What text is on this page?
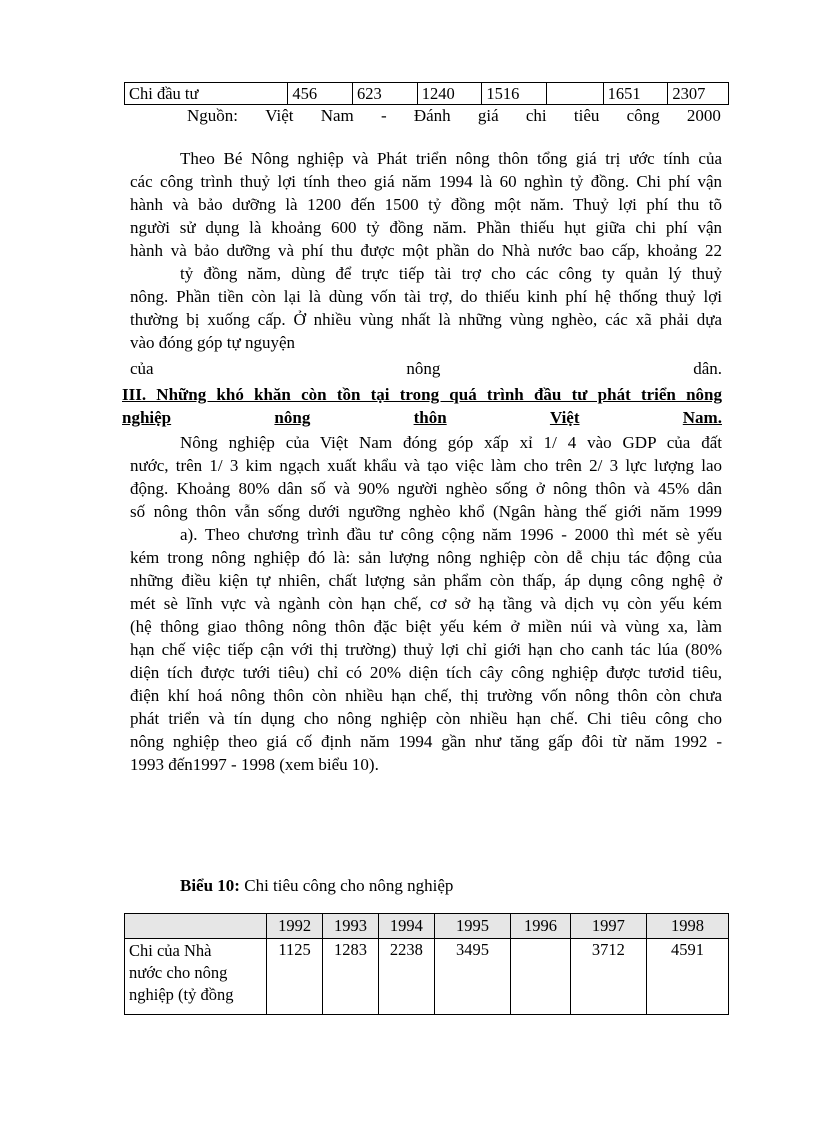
Chi đầu tư	456	623	1240	1516		1651	2307
Nguồn: Việt Nam - Đánh giá chi tiêu công 2000
Theo Bé Nông nghiệp và Phát triển nông thôn tổng giá trị ước tính của
các công trình thuỷ lợi tính theo giá năm 1994 là 60 nghìn tỷ đồng. Chi phí vận
hành và bảo dưỡng là 1200 đến 1500 tỷ đồng một năm. Thuỷ lợi phí thu tõ
người sử dụng là khoảng 600 tỷ đồng năm. Phần thiếu hụt giữa chi phí vận
hành và bảo dưỡng và phí thu được một phần do Nhà nước bao cấp, khoảng 22
tỷ đồng năm, dùng để trực tiếp tài trợ cho các công ty quản lý thuỷ
nông. Phần tiền còn lại là dùng vốn tài trợ, do thiếu kinh phí hệ thống thuỷ lợi
thường bị xuống cấp. Ở nhiều vùng nhất là những vùng nghèo, các xã phải dựa
vào đóng góp tự nguyện
của	nông	dân.
III. Những khó khăn còn tồn tại trong quá trình đầu tư phát triển nông
nghiệp	nông	thôn	Việt	Nam.
Nông nghiệp của Việt Nam đóng góp xấp xỉ 1/ 4 vào GDP của đất
nước, trên 1/ 3 kim ngạch xuất khẩu và tạo việc làm cho trên 2/ 3 lực lượng lao
động. Khoảng 80% dân số và 90% người nghèo sống ở nông thôn và 45% dân
số nông thôn vẫn sống dưới ngưỡng nghèo khổ (Ngân hàng thế giới năm 1999
a). Theo chương trình đầu tư công cộng năm 1996 - 2000 thì mét sè yếu
kém trong nông nghiệp đó là: sản lượng nông nghiệp còn dễ chịu tác động của
những điều kiện tự nhiên, chất lượng sản phẩm còn thấp, áp dụng công nghệ ở
mét sè lĩnh vực và ngành còn hạn chế, cơ sở hạ tầng và dịch vụ còn yếu kém
(hệ thông giao thông nông thôn đặc biệt yếu kém ở miền núi và vùng xa, làm
hạn chế việc tiếp cận với thị trường) thuỷ lợi chỉ giới hạn cho canh tác lúa (80%
diện tích được tưới tiêu) chỉ có 20% diện tích cây công nghiệp được tươid tiêu,
điện khí hoá nông thôn còn nhiều hạn chế, thị trường vốn nông thôn còn chưa
phát triển và tín dụng cho nông nghiệp còn nhiều hạn chế. Chi tiêu công cho
nông nghiệp theo giá cố định năm 1994 gần như tăng gấp đôi từ năm 1992 -
1993 đến1997 - 1998 (xem biểu 10).
Biểu 10: Chi tiêu công cho nông nghiệp
	1992	1993	1994	1995	1996	1997	1998

Chi của Nhà
nước cho nông
nghiệp (tỷ đồng	1125	1283	2238	3495		3712	4591
